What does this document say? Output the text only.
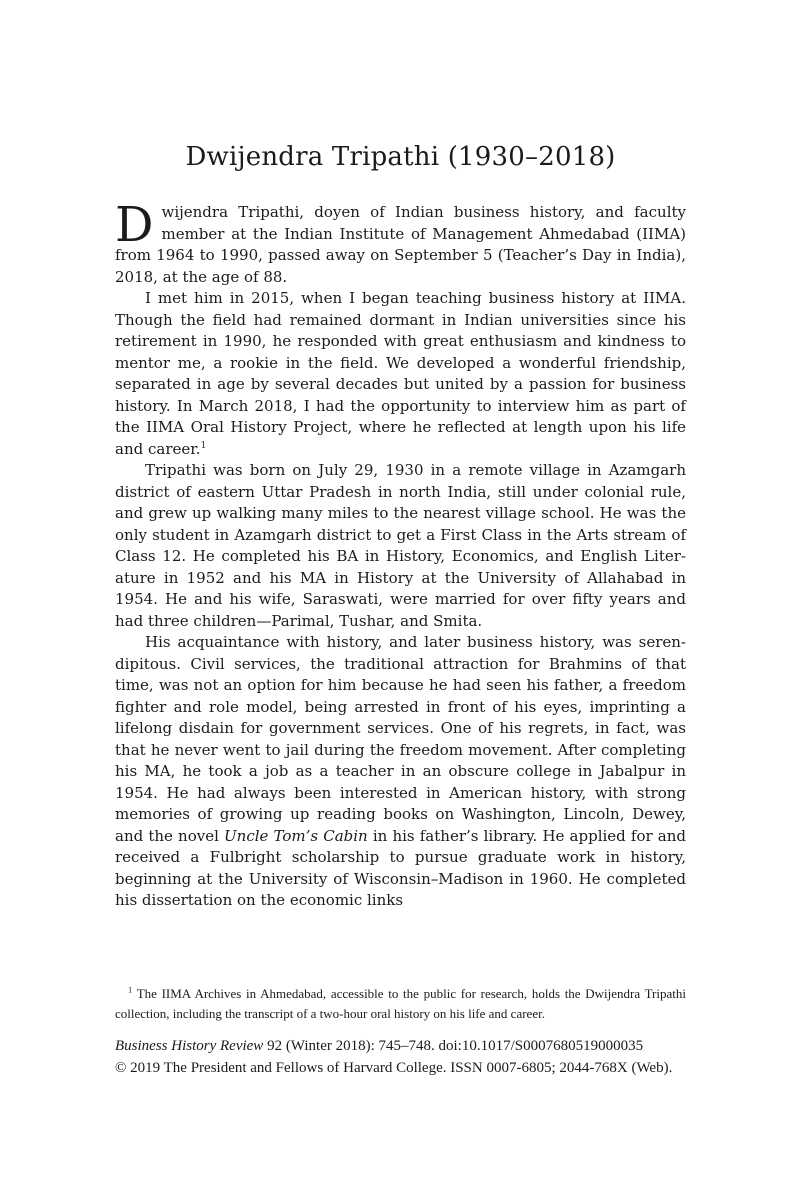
Dwijendra Tripathi (1930–2018)

Dwijendra Tripathi, doyen of Indian business history, and faculty member at the Indian Institute of Management Ahmedabad (IIMA) from 1964 to 1990, passed away on September 5 (Teacher’s Day in India), 2018, at the age of 88.

I met him in 2015, when I began teaching business history at IIMA. Though the field had remained dormant in Indian universities since his retirement in 1990, he responded with great enthusiasm and kindness to mentor me, a rookie in the field. We developed a wonderful friendship, separated in age by several decades but united by a passion for business history. In March 2018, I had the opportunity to interview him as part of the IIMA Oral History Project, where he reflected at length upon his life and career.$^1$

Tripathi was born on July 29, 1930 in a remote village in Azamgarh district of eastern Uttar Pradesh in north India, still under colonial rule, and grew up walking many miles to the nearest village school. He was the only student in Azamgarh district to get a First Class in the Arts stream of Class 12. He completed his BA in History, Economics, and English Literature in 1952 and his MA in History at the University of Allahabad in 1954. He and his wife, Saraswati, were married for over fifty years and had three children—Parimal, Tushar, and Smita.

His acquaintance with history, and later business history, was serendipitous. Civil services, the traditional attraction for Brahmins of that time, was not an option for him because he had seen his father, a freedom fighter and role model, being arrested in front of his eyes, imprinting a lifelong disdain for government services. One of his regrets, in fact, was that he never went to jail during the freedom movement. After completing his MA, he took a job as a teacher in an obscure college in Jabalpur in 1954. He had always been interested in American history, with strong memories of growing up reading books on Washington, Lincoln, Dewey, and the novel Uncle Tom’s Cabin in his father’s library. He applied for and received a Fulbright scholarship to pursue graduate work in history, beginning at the University of Wisconsin–Madison in 1960. He completed his dissertation on the economic links

$^1$ The IIMA Archives in Ahmedabad, accessible to the public for research, holds the Dwijendra Tripathi collection, including the transcript of a two-hour oral history on his life and career.
Business History Review 92 (Winter 2018): 745–748. doi:10.1017/S0007680519000035
© 2019 The President and Fellows of Harvard College. ISSN 0007-6805; 2044-768X (Web).
